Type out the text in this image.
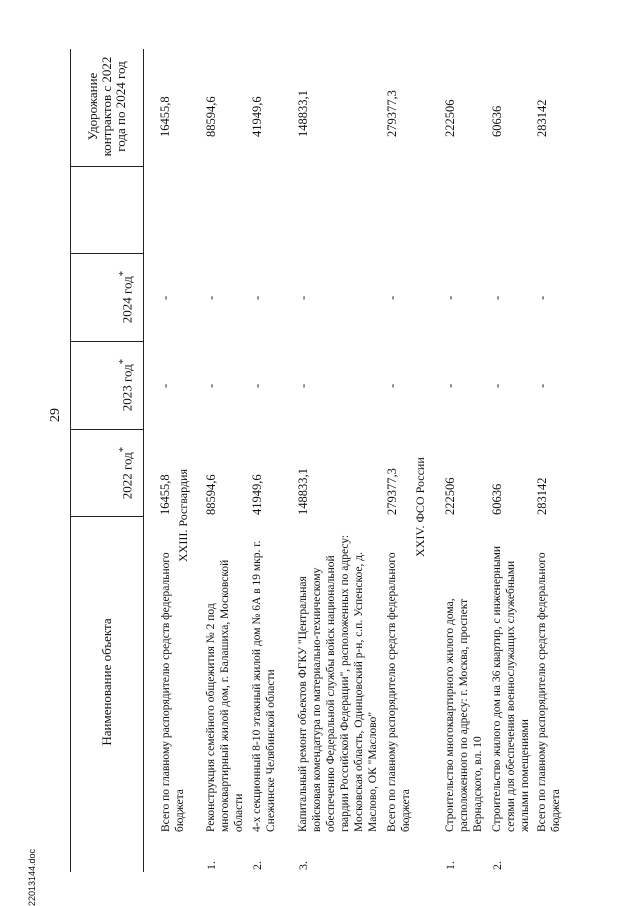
29
Наименование объекта
2022 год*
2023 год*
2024 год*
Удорожание контрактов с 2022 года по 2024 год
Всего по главному распорядителю средств федерального бюджета
16455,8
-
-
16455,8
XXIII. Росгвардия
1.
Реконструкция семейного общежития № 2 под многоквартирный жилой дом, г. Балашиха, Московской области
88594,6
-
-
88594,6
2.
4-х секционный 8-10 этажный жилой дом № 6А в 19 мкр. г. Снежинске Челябинской области
41949,6
-
-
41949,6
3.
Капитальный ремонт объектов ФГКУ "Центральная войсковая комендатура по материально-техническому обеспечению Федеральной службы войск национальной гвардии Российской Федерации", расположенных по адресу: Московская область, Одинцовский р-н, с.п. Успенское, д. Маслово, ОК "Маслово"
148833,1
-
-
148833,1
Всего по главному распорядителю средств федерального бюджета
279377,3
-
-
279377,3
XXIV. ФСО России
1.
Строительство многоквартирного жилого дома, расположенного по адресу: г. Москва, проспект Вернадского, вл. 10
222506
-
-
222506
2.
Строительство жилого дом на 36 квартир, с инженерными сетями для обеспечения военнослужащих служебными жилыми помещениями
60636
-
-
60636
Всего по главному распорядителю средств федерального бюджета
283142
-
-
283142
22013144.doc
